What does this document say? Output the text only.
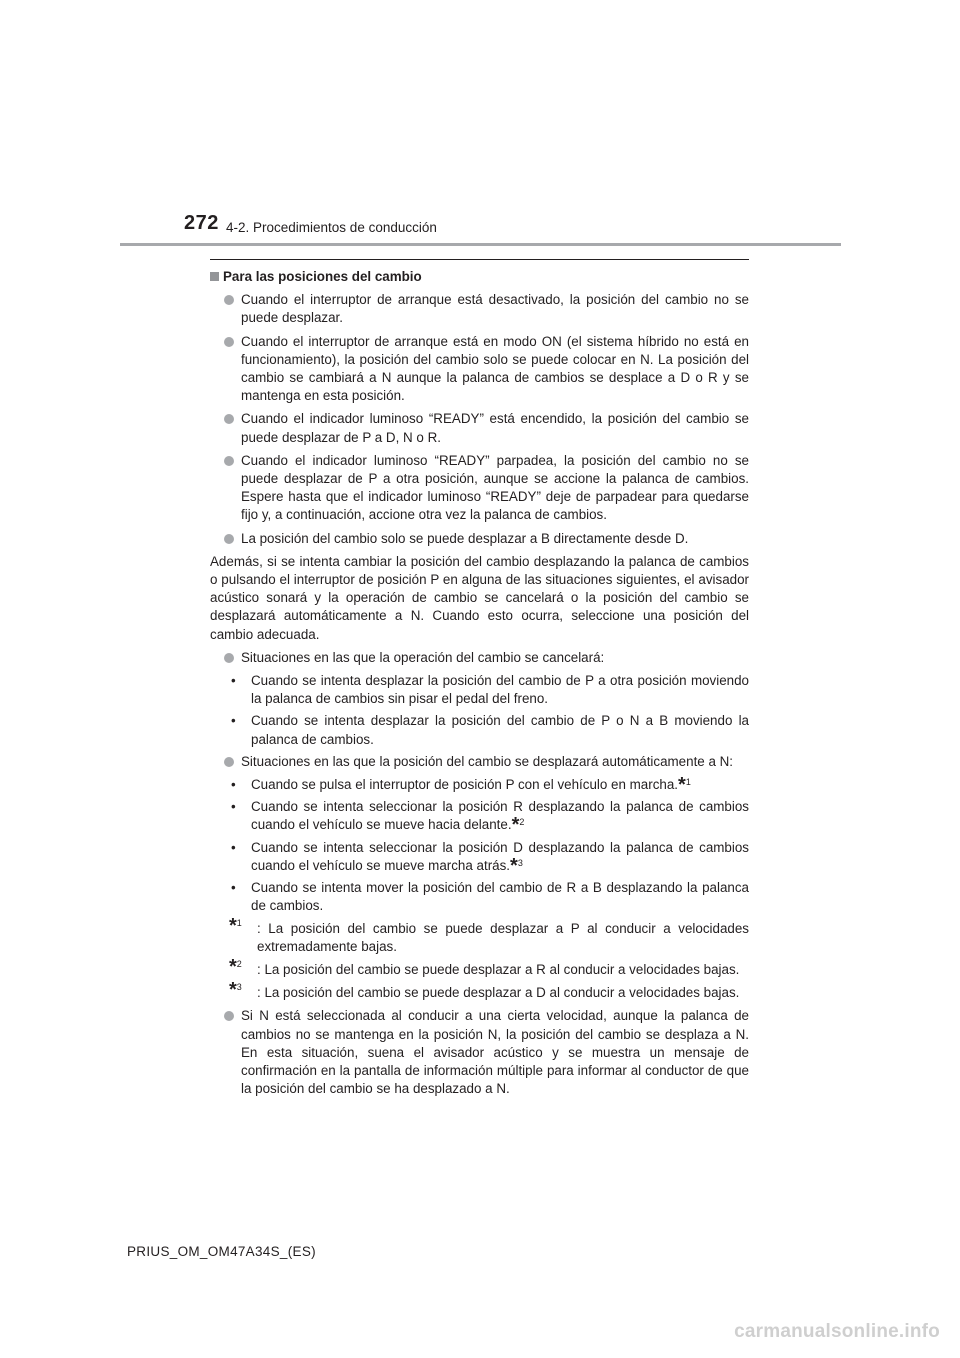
272 4-2. Procedimientos de conducción
Para las posiciones del cambio
Cuando el interruptor de arranque está desactivado, la posición del cambio no se puede desplazar.
Cuando el interruptor de arranque está en modo ON (el sistema híbrido no está en funcionamiento), la posición del cambio solo se puede colocar en N. La posición del cambio se cambiará a N aunque la palanca de cambios se desplace a D o R y se mantenga en esta posición.
Cuando el indicador luminoso “READY” está encendido, la posición del cambio se puede desplazar de P a D, N o R.
Cuando el indicador luminoso “READY” parpadea, la posición del cambio no se puede desplazar de P a otra posición, aunque se accione la palanca de cambios. Espere hasta que el indicador luminoso “READY” deje de parpadear para quedarse fijo y, a continuación, accione otra vez la palanca de cambios.
La posición del cambio solo se puede desplazar a B directamente desde D.
Además, si se intenta cambiar la posición del cambio desplazando la palanca de cambios o pulsando el interruptor de posición P en alguna de las situaciones siguientes, el avisador acústico sonará y la operación de cambio se cancelará o la posición del cambio se desplazará automáticamente a N. Cuando esto ocurra, seleccione una posición del cambio adecuada.
Situaciones en las que la operación del cambio se cancelará:
• Cuando se intenta desplazar la posición del cambio de P a otra posición moviendo la palanca de cambios sin pisar el pedal del freno.
• Cuando se intenta desplazar la posición del cambio de P o N a B moviendo la palanca de cambios.
Situaciones en las que la posición del cambio se desplazará automáticamente a N:
• Cuando se pulsa el interruptor de posición P con el vehículo en marcha.*$^1$
• Cuando se intenta seleccionar la posición R desplazando la palanca de cambios cuando el vehículo se mueve hacia delante.*$^2$
• Cuando se intenta seleccionar la posición D desplazando la palanca de cambios cuando el vehículo se mueve marcha atrás.*$^3$
• Cuando se intenta mover la posición del cambio de R a B desplazando la palanca de cambios.
*$^1$ : La posición del cambio se puede desplazar a P al conducir a velocidades extremadamente bajas.
*$^2$ : La posición del cambio se puede desplazar a R al conducir a velocidades bajas.
*$^3$ : La posición del cambio se puede desplazar a D al conducir a velocidades bajas.
Si N está seleccionada al conducir a una cierta velocidad, aunque la palanca de cambios no se mantenga en la posición N, la posición del cambio se desplaza a N. En esta situación, suena el avisador acústico y se muestra un mensaje de confirmación en la pantalla de información múltiple para informar al conductor de que la posición del cambio se ha desplazado a N.
PRIUS_OM_OM47A34S_(ES)
carmanualsonline.info
